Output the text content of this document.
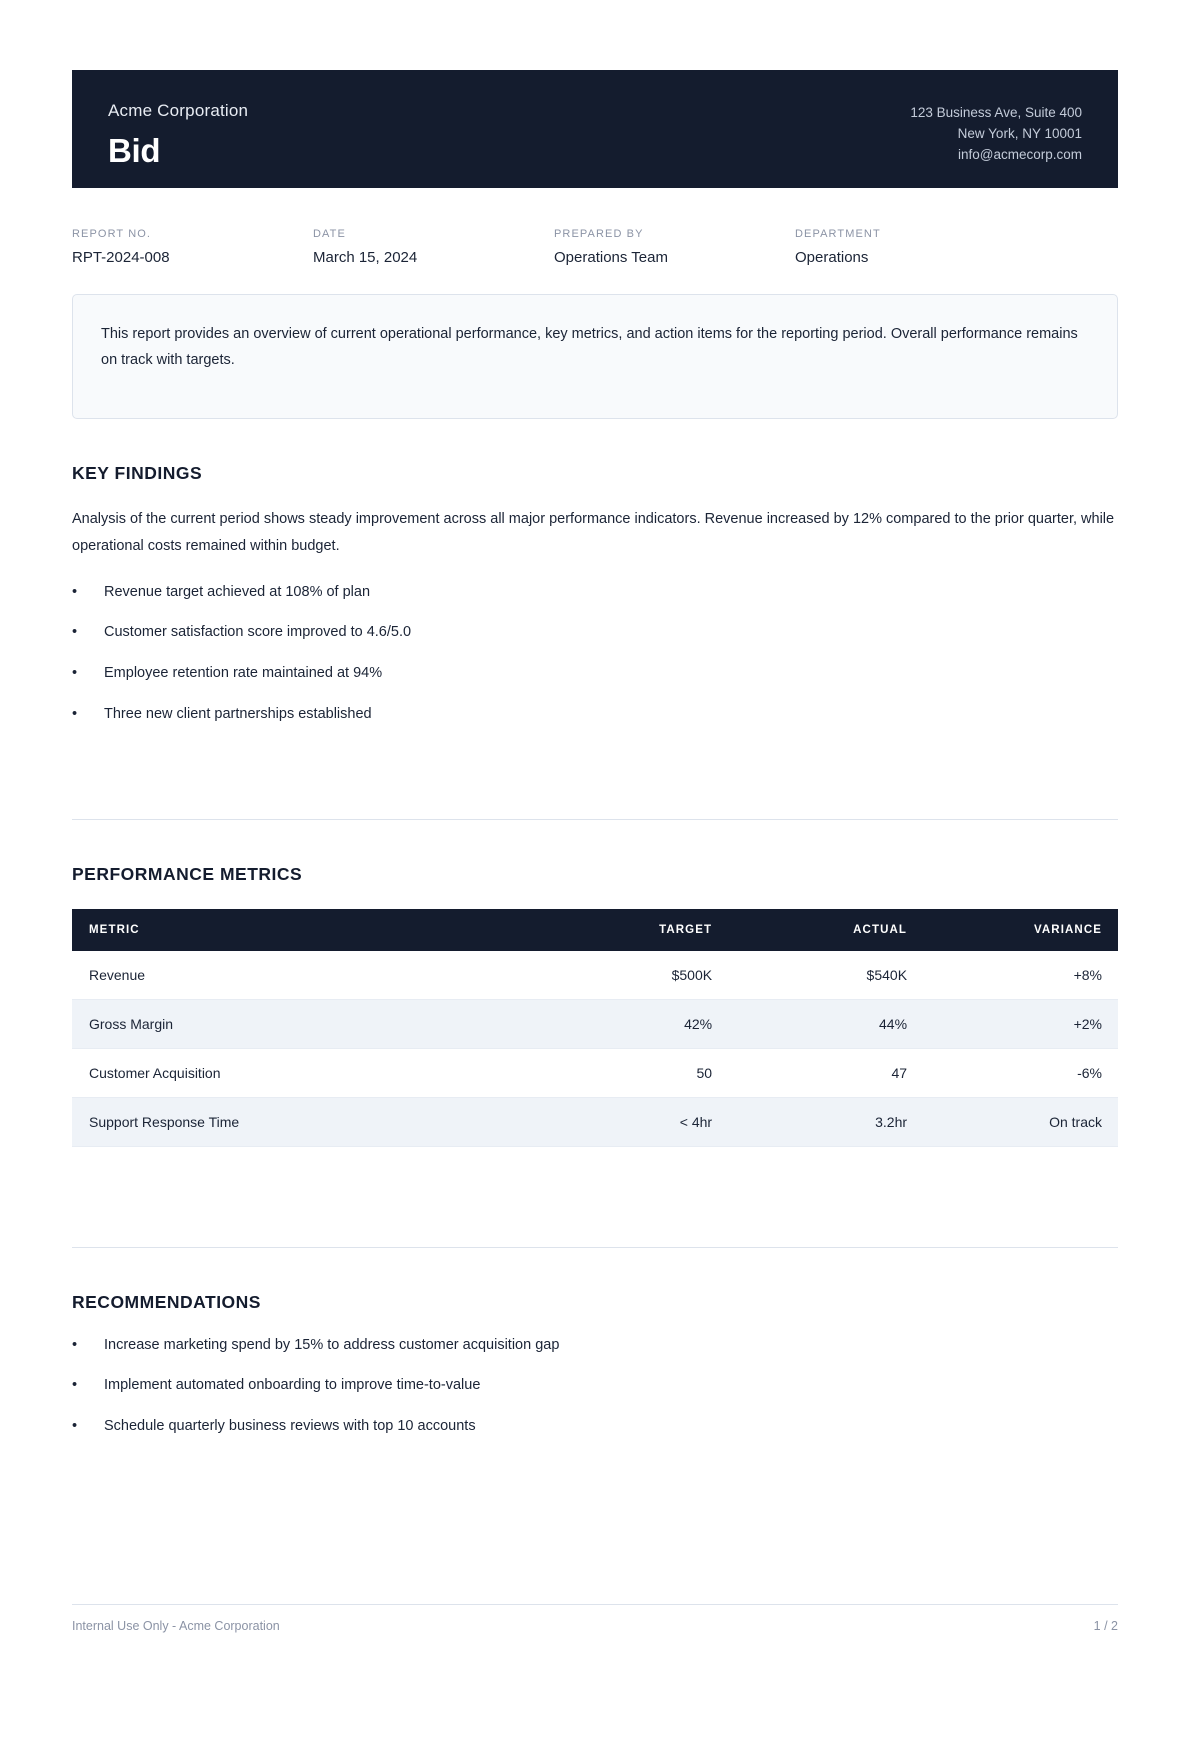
Acme Corporation
Bid
123 Business Ave, Suite 400
New York, NY 10001
info@acmecorp.com
REPORT NO.
RPT-2024-008
DATE
March 15, 2024
PREPARED BY
Operations Team
DEPARTMENT
Operations
This report provides an overview of current operational performance, key metrics, and action items for the reporting period. Overall performance remains on track with targets.
KEY FINDINGS
Analysis of the current period shows steady improvement across all major performance indicators. Revenue increased by 12% compared to the prior quarter, while operational costs remained within budget.
•	Revenue target achieved at 108% of plan
•	Customer satisfaction score improved to 4.6/5.0
•	Employee retention rate maintained at 94%
•	Three new client partnerships established
PERFORMANCE METRICS
METRIC	TARGET	ACTUAL	VARIANCE
Revenue	$500K	$540K	+8%
Gross Margin	42%	44%	+2%
Customer Acquisition	50	47	-6%
Support Response Time	< 4hr	3.2hr	On track
RECOMMENDATIONS
•	Increase marketing spend by 15% to address customer acquisition gap
•	Implement automated onboarding to improve time-to-value
•	Schedule quarterly business reviews with top 10 accounts
Internal Use Only - Acme Corporation	1 / 2
